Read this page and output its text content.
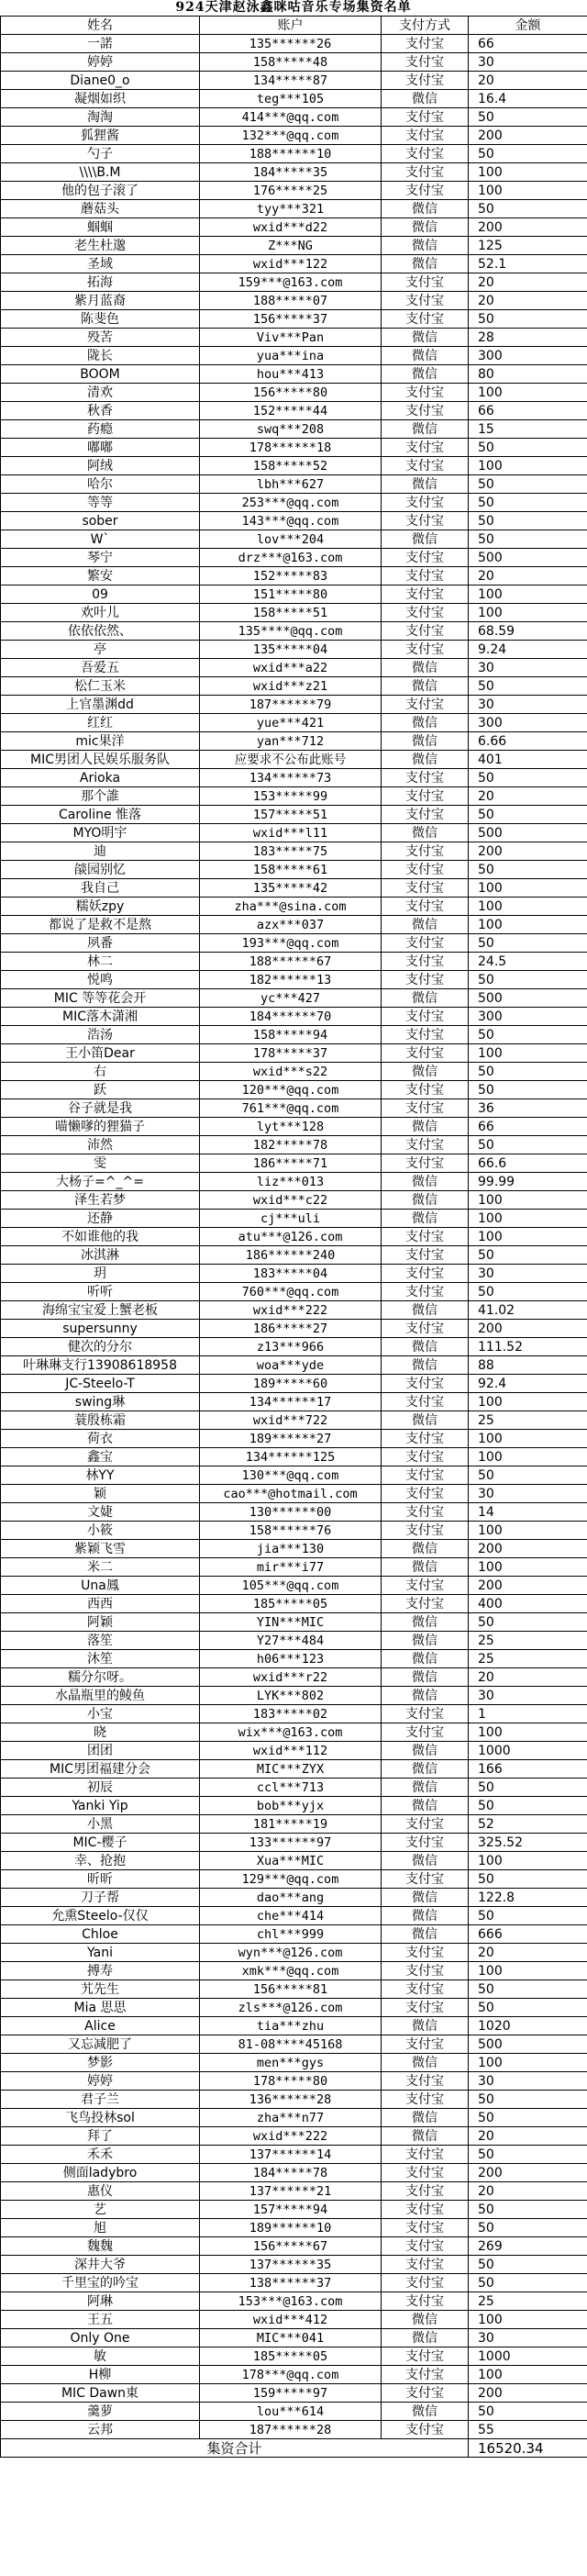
924天津赵泳鑫咪咕音乐专场集资名单
姓名	账户	支付方式	金额
一諾	135******26	支付宝	66
婷婷	158*****48	支付宝	30
Diane0_o	134*****87	支付宝	20
凝烟如织	teg***105	微信	16.4
淘淘	414***@qq.com	支付宝	50
狐狸酱	132***@qq.com	支付宝	200
勺子	188******10	支付宝	50
\\\\B.M	184*****35	支付宝	100
他的包子滚了	176*****25	支付宝	100
蘑菇头	tyy***321	微信	50
蝈蝈	wxid***d22	微信	200
老生杜邈	Z***NG	微信	125
圣域	wxid***122	微信	52.1
拓海	159***@163.com	支付宝	20
紫月蓝裔	188*****07	支付宝	20
陈斐色	156*****37	支付宝	50
殁苦	Viv***Pan	微信	28
陇长	yua***ina	微信	300
BOOM	hou***413	微信	80
清欢	156*****80	支付宝	100
秋香	152*****44	支付宝	66
药瘾	swq***208	微信	15
嘟嘟	178******18	支付宝	50
阿绒	158*****52	支付宝	100
哈尔	lbh***627	微信	50
等等	253***@qq.com	支付宝	50
sober	143***@qq.com	支付宝	50
W`	lov***204	微信	50
琴宁	drz***@163.com	支付宝	500
繁安	152*****83	支付宝	20
09	151*****80	支付宝	100
欢叶儿	158*****51	支付宝	100
依依依然、	135****@qq.com	支付宝	68.59
亭	135*****04	支付宝	9.24
吾爱五	wxid***a22	微信	30
松仁玉米	wxid***z21	微信	50
上官墨渊dd	187******79	支付宝	30
红红	yue***421	微信	300
mic果洋	yan***712	微信	6.66
MIC男团人民娱乐服务队	应要求不公布此账号	微信	401
Arioka	134******73	支付宝	50
那个誰	153*****99	支付宝	20
Caroline 惟落	157*****51	支付宝	50
MYO明宇	wxid***l11	微信	500
迪	183*****75	支付宝	200
燄园别忆	158*****61	支付宝	50
我自己	135*****42	支付宝	100
糯妖zpy	zha***@sina.com	支付宝	100
都说了是救不是熬	azx***037	微信	100
夙番	193***@qq.com	支付宝	50
林二	188******67	支付宝	24.5
悦鸣	182******13	支付宝	50
MIC 等等花会开	yc***427	微信	500
MIC落木潇湘	184******70	支付宝	300
浩汤	158*****94	支付宝	50
王小笛Dear	178*****37	支付宝	100
右	wxid***s22	微信	50
跃	120***@qq.com	支付宝	50
谷子就是我	761***@qq.com	支付宝	36
喵懒嗲的狸猫子	lyt***128	微信	66
沛然	182*****78	支付宝	50
雯	186*****71	支付宝	66.6
大杨子=^_^=	liz***013	微信	99.99
泽生若梦	wxid***c22	微信	100
还静	cj***uli	微信	100
不如谁他的我	atu***@126.com	支付宝	100
冰淇淋	186******240	支付宝	50
玥	183*****04	支付宝	30
听听	760***@qq.com	支付宝	50
海绵宝宝爱上蟹老板	wxid***222	微信	41.02
supersunny	186*****27	支付宝	200
健次的分尔	z13***966	微信	111.52
叶琳琳支行13908618958	woa***yde	微信	88
JC-Steelo-T	189*****60	支付宝	92.4
swing琳	134******17	支付宝	100
蓑殷栋霜	wxid***722	微信	25
荷衣	189******27	支付宝	100
鑫宝	134******125	支付宝	100
林YY	130***@qq.com	支付宝	50
颖	cao***@hotmail.com	支付宝	30
文婕	130******00	支付宝	14
小筱	158******76	支付宝	100
紫颖飞雪	jia***130	微信	200
米二	mir***i77	微信	100
Una鳳	105***@qq.com	支付宝	200
西西	185*****05	支付宝	400
阿颖	YIN***MIC	微信	50
落笙	Y27***484	微信	25
沐笙	h06***123	微信	25
糯分尔呀。	wxid***r22	微信	20
水晶瓶里的鲮鱼	LYK***802	微信	30
小宝	183*****02	支付宝	1
晓	wix***@163.com	支付宝	100
团团	wxid***112	微信	1000
MIC男团福建分会	MIC***ZYX	微信	166
初辰	ccl***713	微信	50
Yanki Yip	bob***yjx	微信	50
小黑	181*****19	支付宝	52
MIC-樱子	133******97	支付宝	325.52
幸、抢抱	Xua***MIC	微信	100
昕昕	129***@qq.com	支付宝	50
刀子帮	dao***ang	微信	122.8
允熏Steelo-仅仅	che***414	微信	50
Chloe	chl***999	微信	666
Yani	wyn***@126.com	支付宝	20
搏寿	xmk***@qq.com	支付宝	100
艽先生	156*****81	支付宝	50
Mia 思思	zls***@126.com	支付宝	50
Alice	tia***zhu	微信	1020
又忘减肥了	81-08****45168	支付宝	500
梦影	men***gys	微信	100
婷婷	178*****80	支付宝	30
君子兰	136******28	支付宝	50
飞鸟投林sol	zha***n77	微信	50
拜了	wxid***222	微信	20
禾禾	137******14	支付宝	50
侧面ladybro	184*****78	支付宝	200
惠仪	137******21	支付宝	20
艺	157*****94	支付宝	50
旭	189******10	支付宝	50
魏魏	156*****67	支付宝	269
深井大爷	137******35	支付宝	50
千里宝的吟宝	138******37	支付宝	50
阿琳	153***@163.com	支付宝	25
王五	wxid***412	微信	100
Only One	MIC***041	微信	30
敏	185*****05	支付宝	1000
H柳	178***@qq.com	支付宝	100
MIC Dawn東	159*****97	支付宝	200
羹萝	lou***614	微信	50
云邦	187******28	支付宝	55
集资合计			16520.34
